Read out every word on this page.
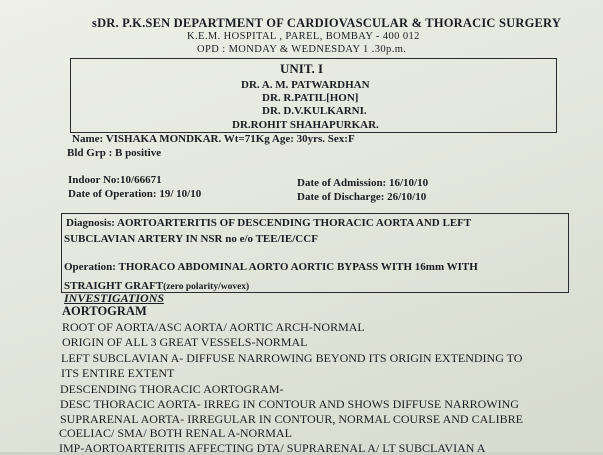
sDR. P.K.SEN DEPARTMENT OF CARDIOVASCULAR & THORACIC SURGERY
K.E.M. HOSPITAL , PAREL, BOMBAY - 400 012
OPD : MONDAY & WEDNESDAY 1 .30p.m.
UNIT. I
DR. A. M. PATWARDHAN
DR. R.PATIL[HON]
DR. D.V.KULKARNI.
DR.ROHIT SHAHAPURKAR.
Name: VISHAKA MONDKAR. Wt=71Kg Age: 30yrs. Sex:F
Bld Grp : B positive
Indoor No:10/66671
Date of Operation: 19/ 10/10
Date of Admission: 16/10/10
Date of Discharge: 26/10/10
Diagnosis: AORTOARTERITIS OF DESCENDING THORACIC AORTA AND LEFT
SUBCLAVIAN ARTERY IN NSR no e/o TEE/IE/CCF
Operation: THORACO ABDOMINAL AORTO AORTIC BYPASS WITH 16mm WITH
STRAIGHT GRAFT(zero polarity/wovex)
INVESTIGATIONS
AORTOGRAM
ROOT OF AORTA/ASC AORTA/ AORTIC ARCH-NORMAL
ORIGIN OF ALL 3 GREAT VESSELS-NORMAL
LEFT SUBCLAVIAN A- DIFFUSE NARROWING BEYOND ITS ORIGIN EXTENDING TO
ITS ENTIRE EXTENT
DESCENDING THORACIC AORTOGRAM-
DESC THORACIC AORTA- IRREG IN CONTOUR AND SHOWS DIFFUSE NARROWING
SUPRARENAL AORTA- IRREGULAR IN CONTOUR, NORMAL COURSE AND CALIBRE
COELIAC/ SMA/ BOTH RENAL A-NORMAL
IMP-AORTOARTERITIS AFFECTING DTA/ SUPRARENAL A/ LT SUBCLAVIAN A
